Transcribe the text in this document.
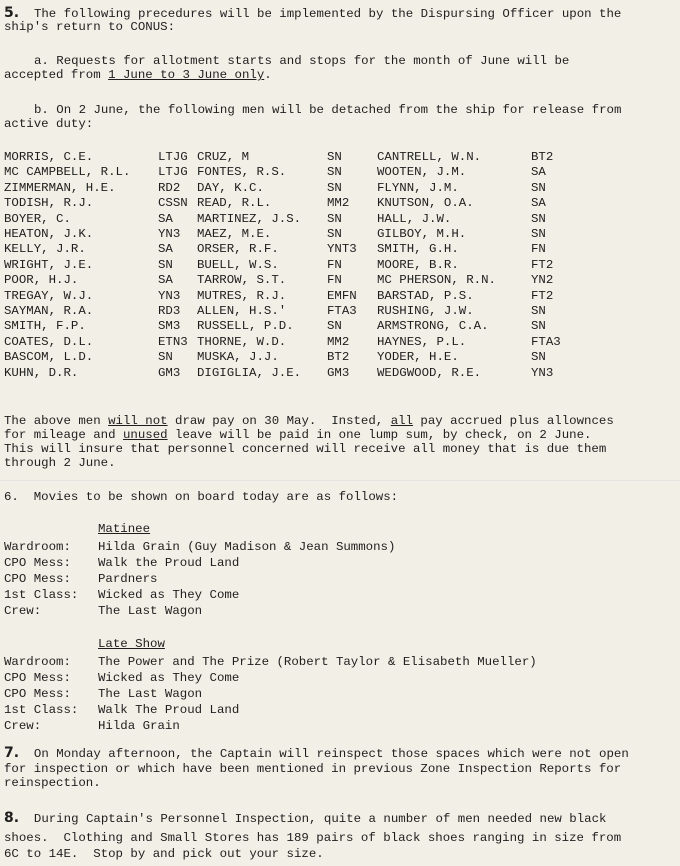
5. The following precedures will be implemented by the Dispursing Officer upon the
ship's return to CONUS:
a. Requests for allotment starts and stops for the month of June will be
accepted from 1 June to 3 June only.
b. On 2 June, the following men will be detached from the ship for release from
active duty:
MORRIS, C.E.	LTJG CRUZ, M	SN	CANTRELL, W.N.	BT2
MC CAMPBELL, R.L. LTJG FONTES, R.S.	SN	WOOTEN, J.M.	SA
ZIMMERMAN, H.E.	RD2 DAY, K.C.	SN	FLYNN, J.M.	SN
TODISH, R.J.	CSSN READ, R.L.	MM2 KNUTSON, O.A.	SA
BOYER, C.	SA MARTINEZ, J.S. SN	HALL, J.W.	SN
HEATON, J.K.	YN3 MAEZ, M.E.	SN	GILBOY, M.H.	SN
KELLY, J.R.	SA ORSER, R.F.	YNT3 SMITH, G.H.	FN
WRIGHT, J.E.	SN BUELL, W.S.	FN	MOORE, B.R.	FT2
POOR, H.J.	SA TARROW, S.T.	FN	MC PHERSON, R.N.	YN2
TREGAY, W.J.	YN3 MUTRES, R.J.	EMFN BARSTAD, P.S.	FT2
SAYMAN, R.A.	RD3 ALLEN, H.S.'	FTA3 RUSHING, J.W.	SN
SMITH, F.P.	SM3 RUSSELL, P.D.	SN	ARMSTRONG, C.A.	SN
COATES, D.L.	ETN3 THORNE, W.D.	MM2 HAYNES, P.L.	FTA3
BASCOM, L.D.	SN MUSKA, J.J.	BT2 YODER, H.E.	SN
KUHN, D.R.	GM3 DIGIGLIA, J.E. GM3 WEDGWOOD, R.E.	YN3
The above men will not draw pay on 30 May.  Insted, all pay accrued plus allownces
for mileage and unused leave will be paid in one lump sum, by check, on 2 June.
This will insure that personnel concerned will receive all money that is due them
through 2 June.
6.  Movies to be shown on board today are as follows:
Matinee
Wardroom: Hilda Grain (Guy Madison & Jean Summons)
CPO Mess: Walk the Proud Land
CPO Mess: Pardners
1st Class: Wicked as They Come
Crew:	The Last Wagon
Late Show
Wardroom: The Power and The Prize (Robert Taylor & Elisabeth Mueller)
CPO Mess: Wicked as They Come
CPO Mess: The Last Wagon
1st Class: Walk The Proud Land
Crew:	Hilda Grain
7.  On Monday afternoon, the Captain will reinspect those spaces which were not open
for inspection or which have been mentioned in previous Zone Inspection Reports for
reinspection.
8.  During Captain's Personnel Inspection, quite a number of men needed new black
shoes.  Clothing and Small Stores has 189 pairs of black shoes ranging in size from
6C to 14E.  Stop by and pick out your size.
